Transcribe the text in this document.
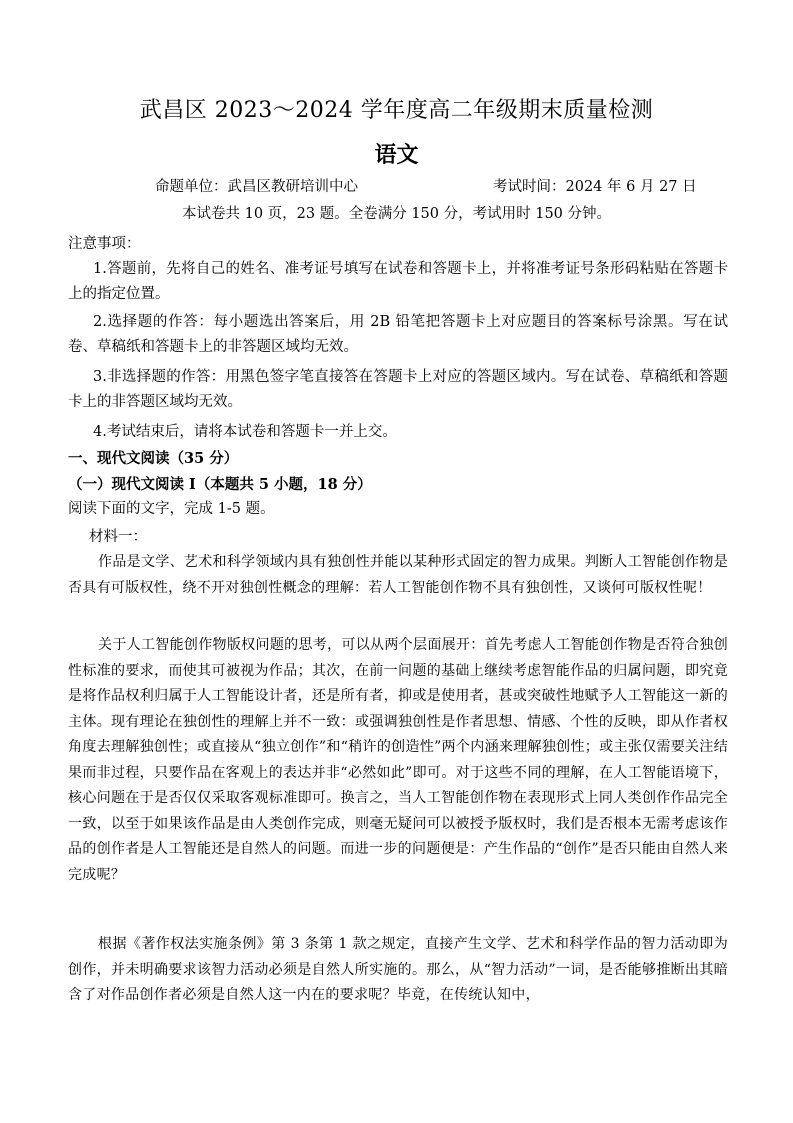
武昌区 2023～2024 学年度高二年级期末质量检测
语文
命题单位：武昌区教研培训中心	考试时间：2024 年 6 月 27 日
本试卷共 10 页，23 题。全卷满分 150 分，考试用时 150 分钟。
注意事项：
1.答题前，先将自己的姓名、准考证号填写在试卷和答题卡上，并将准考证号条形码粘贴在答题卡上的指定位置。
2.选择题的作答：每小题选出答案后，用 2B 铅笔把答题卡上对应题目的答案标号涂黑。写在试卷、草稿纸和答题卡上的非答题区域均无效。
3.非选择题的作答：用黑色签字笔直接答在答题卡上对应的答题区域内。写在试卷、草稿纸和答题卡上的非答题区域均无效。
4.考试结束后，请将本试卷和答题卡一并上交。
一、现代文阅读（35 分）
（一）现代文阅读 I（本题共 5 小题，18 分）
阅读下面的文字，完成 1-5 题。
材料一：
作品是文学、艺术和科学领域内具有独创性并能以某种形式固定的智力成果。判断人工智能创作物是否具有可版权性，绕不开对独创性概念的理解：若人工智能创作物不具有独创性，又谈何可版权性呢！
关于人工智能创作物版权问题的思考，可以从两个层面展开：首先考虑人工智能创作物是否符合独创性标准的要求，而使其可被视为作品；其次，在前一问题的基础上继续考虑智能作品的归属问题，即究竟是将作品权利归属于人工智能设计者，还是所有者，抑或是使用者，甚或突破性地赋予人工智能这一新的主体。现有理论在独创性的理解上并不一致：或强调独创性是作者思想、情感、个性的反映，即从作者权角度去理解独创性；或直接从“独立创作”和“稍许的创造性”两个内涵来理解独创性；或主张仅需要关注结果而非过程，只要作品在客观上的表达并非“必然如此”即可。对于这些不同的理解，在人工智能语境下，核心问题在于是否仅仅采取客观标准即可。换言之，当人工智能创作物在表现形式上同人类创作作品完全一致，以至于如果该作品是由人类创作完成，则毫无疑问可以被授予版权时，我们是否根本无需考虑该作品的创作者是人工智能还是自然人的问题。而进一步的问题便是：产生作品的“创作”是否只能由自然人来完成呢？
根据《著作权法实施条例》第 3 条第 1 款之规定，直接产生文学、艺术和科学作品的智力活动即为创作，并未明确要求该智力活动必须是自然人所实施的。那么，从“智力活动”一词，是否能够推断出其暗含了对作品创作者必须是自然人这一内在的要求呢？毕竟，在传统认知中，
